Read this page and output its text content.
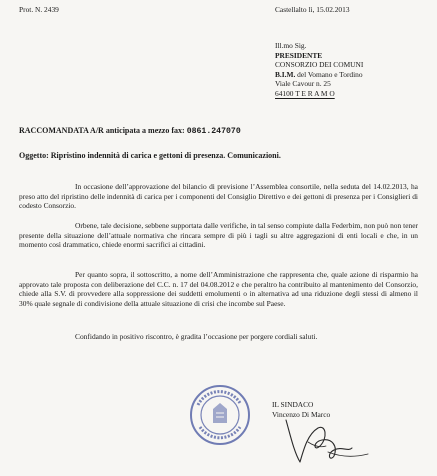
Prot. N. 2439	Castellalto lì, 15.02.2013
Ill.mo Sig.
PRESIDENTE
CONSORZIO DEI COMUNI
B.I.M. del Vomano e Tordino
Viale Cavour n. 25
64100 T E R A M O
RACCOMANDATA A/R anticipata a mezzo fax: 0861.247070
Oggetto: Ripristino indennità di carica e gettoni di presenza. Comunicazioni.

In occasione dell’approvazione del bilancio di previsione l’Assemblea consortile, nella seduta del 14.02.2013, ha preso atto del ripristino delle indennità di carica per i componenti del Consiglio Direttivo e dei gettoni di presenza per i Consiglieri di codesto Consorzio.

Orbene, tale decisione, sebbene supportata dalle verifiche, in tal senso compiute dalla Federbim, non può non tener presente della situazione dell’attuale normativa che rincara sempre di più i tagli su altre aggregazioni di enti locali e che, in un momento così drammatico, chiede enormi sacrifici ai cittadini.

Per quanto sopra, il sottoscritto, a nome dell’Amministrazione che rappresenta che, quale azione di risparmio ha approvato tale proposta con deliberazione del C.C. n. 17 del 04.08.2012 e che peraltro ha contribuito al mantenimento del Consorzio, chiede alla S.V. di provvedere alla soppressione dei suddetti emolumenti o in alternativa ad una riduzione degli stessi di almeno il 30% quale segnale di condivisione della attuale situazione di crisi che incombe sul Paese.

Confidando in positivo riscontro, è gradita l’occasione per porgere cordiali saluti.

IL SINDACO
Vincenzo Di Marco
